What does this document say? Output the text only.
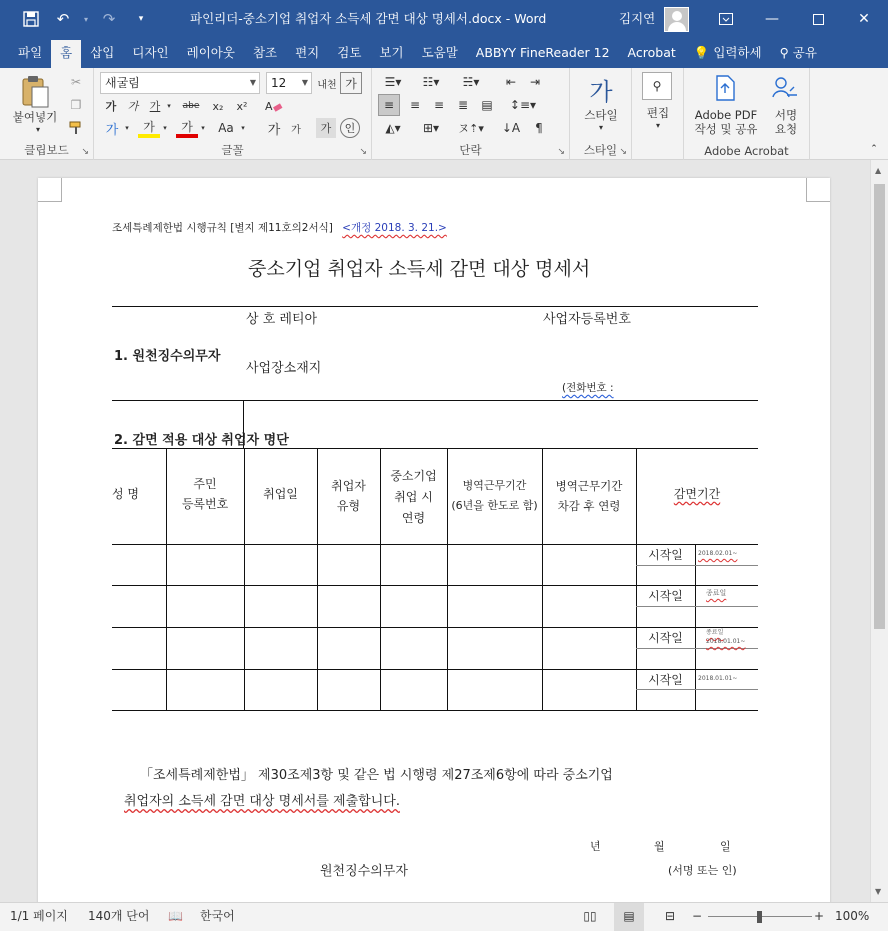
↶	▾ ↷	▾	파인리더-중소기업 취업자 소득세 감면 대상 명세서.docx - Word	김지연	—	✕
파일	홈	삽입	디자인	레이아웃	참조	편지	검토	보기	도움말	ABBYY FineReader 12	Acrobat	💡 입력하세	⚲ 공유
붙여넣기
▾
✂
❐
클립보드	↘
새굴림	▼	12 ▼ 내천 가
가	가	가 ▾	abe	x₂	x²	A
가 ▾	가	▾	가	▾	Aa	▾ 가	가	가	인
글꼴	↘
☰▾	☷▾	☵▾	⇤	⇥
≡	≡	≡	≣	▤	↕≡▾
◭▾	⊞▾	ヌ⇡▾	↓A	¶
단락	↘
가
스타일
▾
스타일 ↘
⚲
편집
▾
Adobe PDF
작성 및 공유
서명
요청
Adobe Acrobat	⌃
조세특례제한법 시행규칙 [별지 제11호의2서식] <개정 2018. 3. 21.>
중소기업 취업자 소득세 감면 대상 명세서
상 호 레티아	사업자등록번호
1. 원천징수의무자
사업장소재지
(전화번호 :
2. 감면 적용 대상 취업자 명단
성 명
주민
등록번호
취업일
취업자
유형
중소기업
취업 시
연령
병역근무기간
(6년을 한도로 함)
병역근무기간
차감 후 연령
감면기간
시작일
시작일
시작일
시작일
2018.02.01~
종료일
종료일
2018.01.01~
2018.01.01~
「조세특례제한법」 제30조제3항 및 같은 법 시행령 제27조제6항에 따라 중소기업
취업자의 소득세 감면 대상 명세서를 제출합니다.
년	월	일
원천징수의무자	(서명 또는 인)
▲
▼
1/1 페이지 140개 단어 📖 한국어	▯▯	▤	⊟	−	+ 100%
